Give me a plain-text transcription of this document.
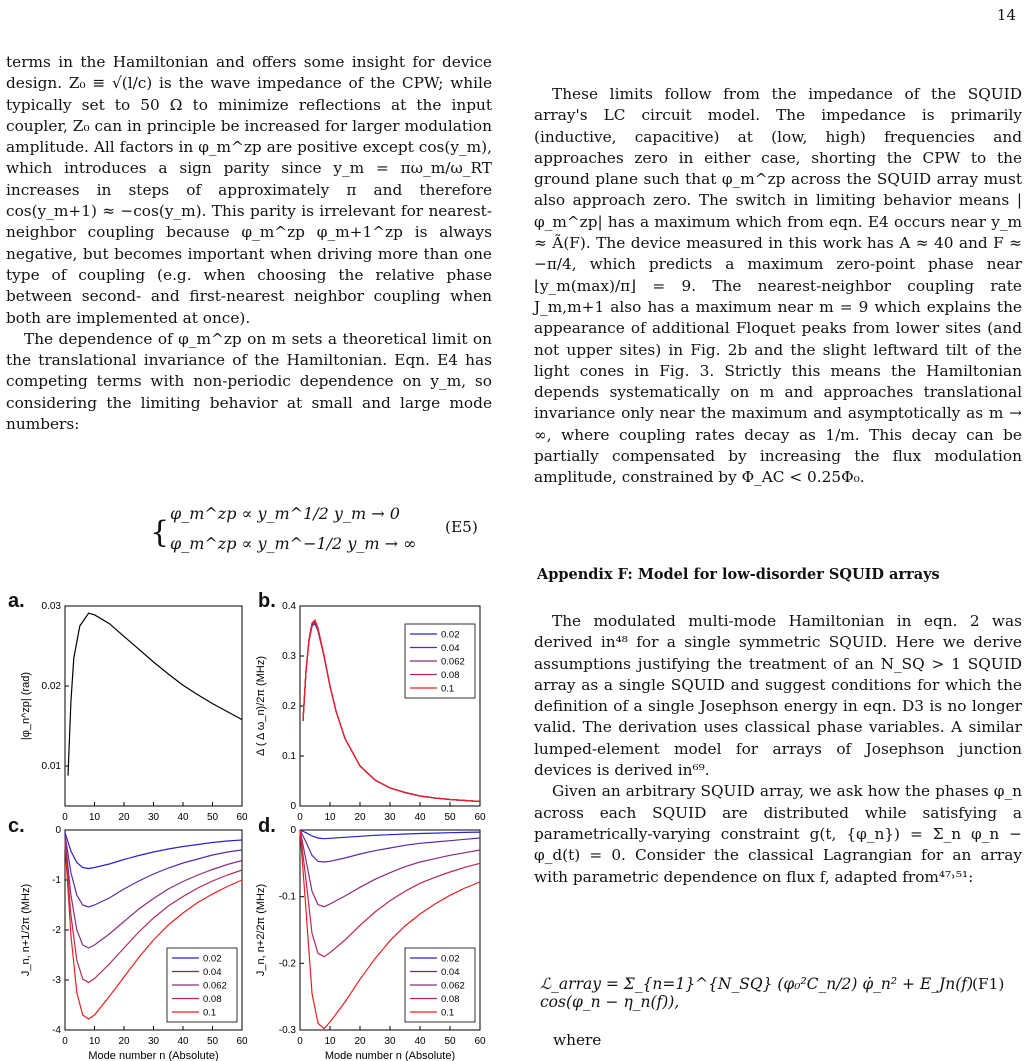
14

terms in the Hamiltonian and offers some insight for device design. Z₀ ≡ √(l/c) is the wave impedance of the CPW; while typically set to 50 Ω to minimize reflections at the input coupler, Z₀ can in principle be increased for larger modulation amplitude. All factors in φ_m^zp are positive except cos(y_m), which introduces a sign parity since y_m = πω_m/ω_RT increases in steps of approximately π and therefore cos(y_m+1) ≈ −cos(y_m). This parity is irrelevant for nearest-neighbor coupling because φ_m^zp φ_m+1^zp is always negative, but becomes important when driving more than one type of coupling (e.g. when choosing the relative phase between second- and first-nearest neighbor coupling when both are implemented at once).

The dependence of φ_m^zp on m sets a theoretical limit on the translational invariance of the Hamiltonian. Eqn. E4 has competing terms with non-periodic dependence on y_m, so considering the limiting behavior at small and large mode numbers:

{
φ_m^zp ∝ y_m^1/2 y_m → 0
φ_m^zp ∝ y_m^−1/2 y_m → ∞
(E5)

These limits follow from the impedance of the SQUID array's LC circuit model. The impedance is primarily (inductive, capacitive) at (low, high) frequencies and approaches zero in either case, shorting the CPW to the ground plane such that φ_m^zp across the SQUID array must also approach zero. The switch in limiting behavior means |φ_m^zp| has a maximum which from eqn. E4 occurs near y_m ≈ Ã(F). The device measured in this work has A ≈ 40 and F ≈ −π/4, which predicts a maximum zero-point phase near ⌊y_m(max)/π⌋ = 9. The nearest-neighbor coupling rate J_m,m+1 also has a maximum near m = 9 which explains the appearance of additional Floquet peaks from lower sites (and not upper sites) in Fig. 2b and the slight leftward tilt of the light cones in Fig. 3. Strictly this means the Hamiltonian depends systematically on m and approaches translational invariance only near the maximum and asymptotically as m → ∞, where coupling rates decay as 1/m. This decay can be partially compensated by increasing the flux modulation amplitude, constrained by Φ_AC < 0.25Φ₀.

Appendix F: Model for low-disorder SQUID arrays

The modulated multi-mode Hamiltonian in eqn. 2 was derived in⁴⁸ for a single symmetric SQUID. Here we derive assumptions justifying the treatment of an N_SQ > 1 SQUID array as a single SQUID and suggest conditions for which the definition of a single Josephson energy in eqn. D3 is no longer valid. The derivation uses classical phase variables. A similar lumped-element model for arrays of Josephson junction devices is derived in⁶⁹.

Given an arbitrary SQUID array, we ask how the phases φ_n across each SQUID are distributed while satisfying a parametrically-varying constraint g(t, {φ_n}) = Σ_n φ_n − φ_d(t) = 0. Consider the classical Lagrangian for an array with parametric dependence on flux f, adapted from⁴⁷˒⁵¹:

ℒ_array = Σ_{n=1}^{N_SQ} (φ₀²C_n/2) φ̇_n² + E_Jn(f) cos(φ_n − η_n(f)),
(F1)
where
0 10 20 30 40 50 60
0.01
0.02
0.03
|φ_n^zp| (rad)
0 10 20 30 40 50 60
0
0.1
0.2
0.3
0.4
Δ ( Δ ω_n)/2π (MHz)
0.02
0.04
0.062
0.08
0.1
0 10 20 30 40 50 60
-4
-3
-2
-1
0
J_n, n+1/2π (MHz)
Mode number n (Absolute)
0.02
0.04
0.062
0.08
0.1
0 10 20 30 40 50 60
-0.3
-0.2
-0.1
0
J_n, n+2/2π (MHz)
Mode number n (Absolute)
0.02
0.04
0.062
0.08
0.1
a.	b.
c.	d.
